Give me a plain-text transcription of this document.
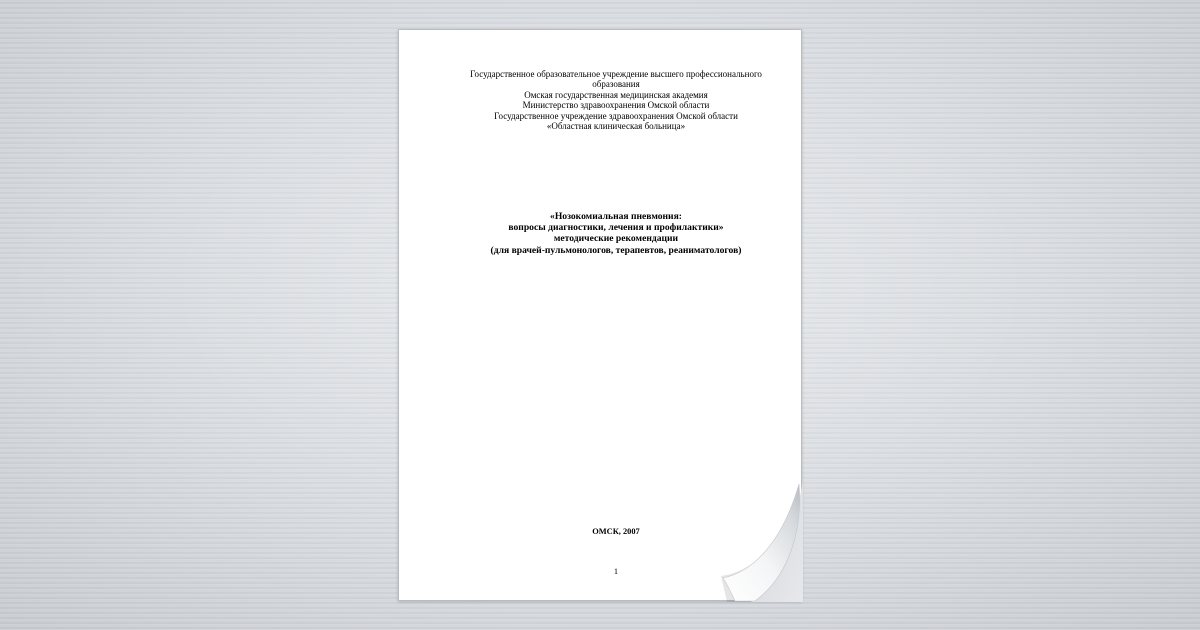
Государственное образовательное учреждение высшего профессионального
образования
Омская государственная медицинская академия
Министерство здравоохранения Омской области
Государственное учреждение здравоохранения Омской области
«Областная клиническая больница»
«Нозокомиальная пневмония:
вопросы диагностики, лечения и профилактики»
методические рекомендации
(для врачей-пульмонологов, терапевтов, реаниматологов)
ОМСК, 2007
1
